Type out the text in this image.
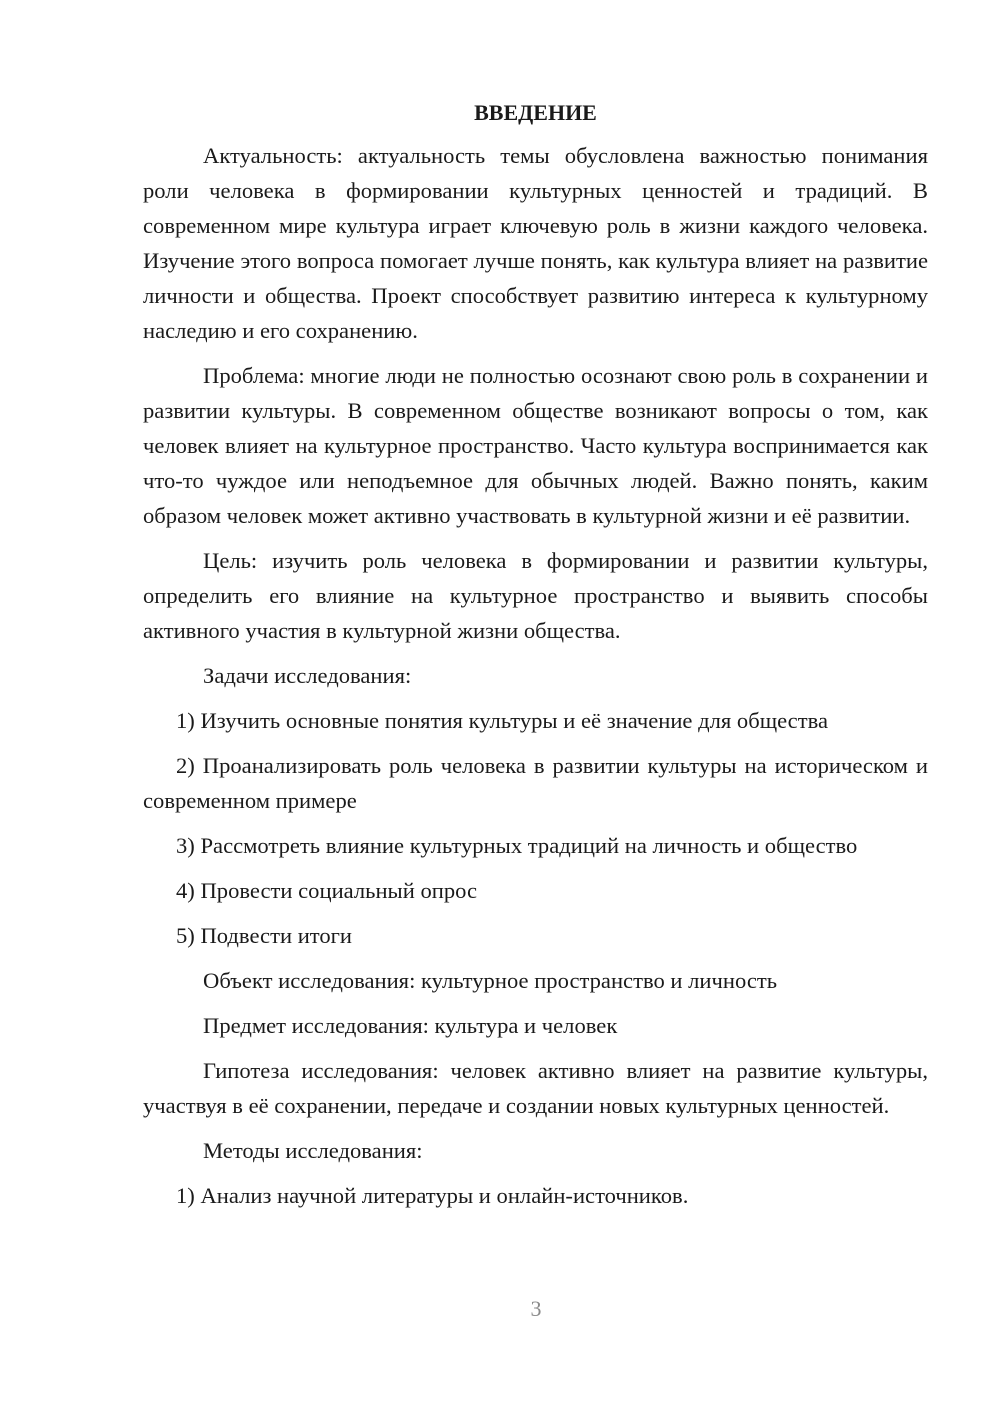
ВВЕДЕНИЕ

Актуальность: актуальность темы обусловлена важностью понимания роли человека в формировании культурных ценностей и традиций. В современном мире культура играет ключевую роль в жизни каждого человека. Изучение этого вопроса помогает лучше понять, как культура влияет на развитие личности и общества. Проект способствует развитию интереса к культурному наследию и его сохранению.

Проблема: многие люди не полностью осознают свою роль в сохранении и развитии культуры. В современном обществе возникают вопросы о том, как человек влияет на культурное пространство. Часто культура воспринимается как что-то чуждое или неподъемное для обычных людей. Важно понять, каким образом человек может активно участвовать в культурной жизни и её развитии.

Цель: изучить роль человека в формировании и развитии культуры, определить его влияние на культурное пространство и выявить способы активного участия в культурной жизни общества.

Задачи исследования:

1) Изучить основные понятия культуры и её значение для общества

2) Проанализировать роль человека в развитии культуры на историческом и современном примере

3) Рассмотреть влияние культурных традиций на личность и общество

4) Провести социальный опрос

5) Подвести итоги

Объект исследования: культурное пространство и личность

Предмет исследования: культура и человек

Гипотеза исследования: человек активно влияет на развитие культуры, участвуя в её сохранении, передаче и создании новых культурных ценностей.

Методы исследования:

1) Анализ научной литературы и онлайн-источников.

3
